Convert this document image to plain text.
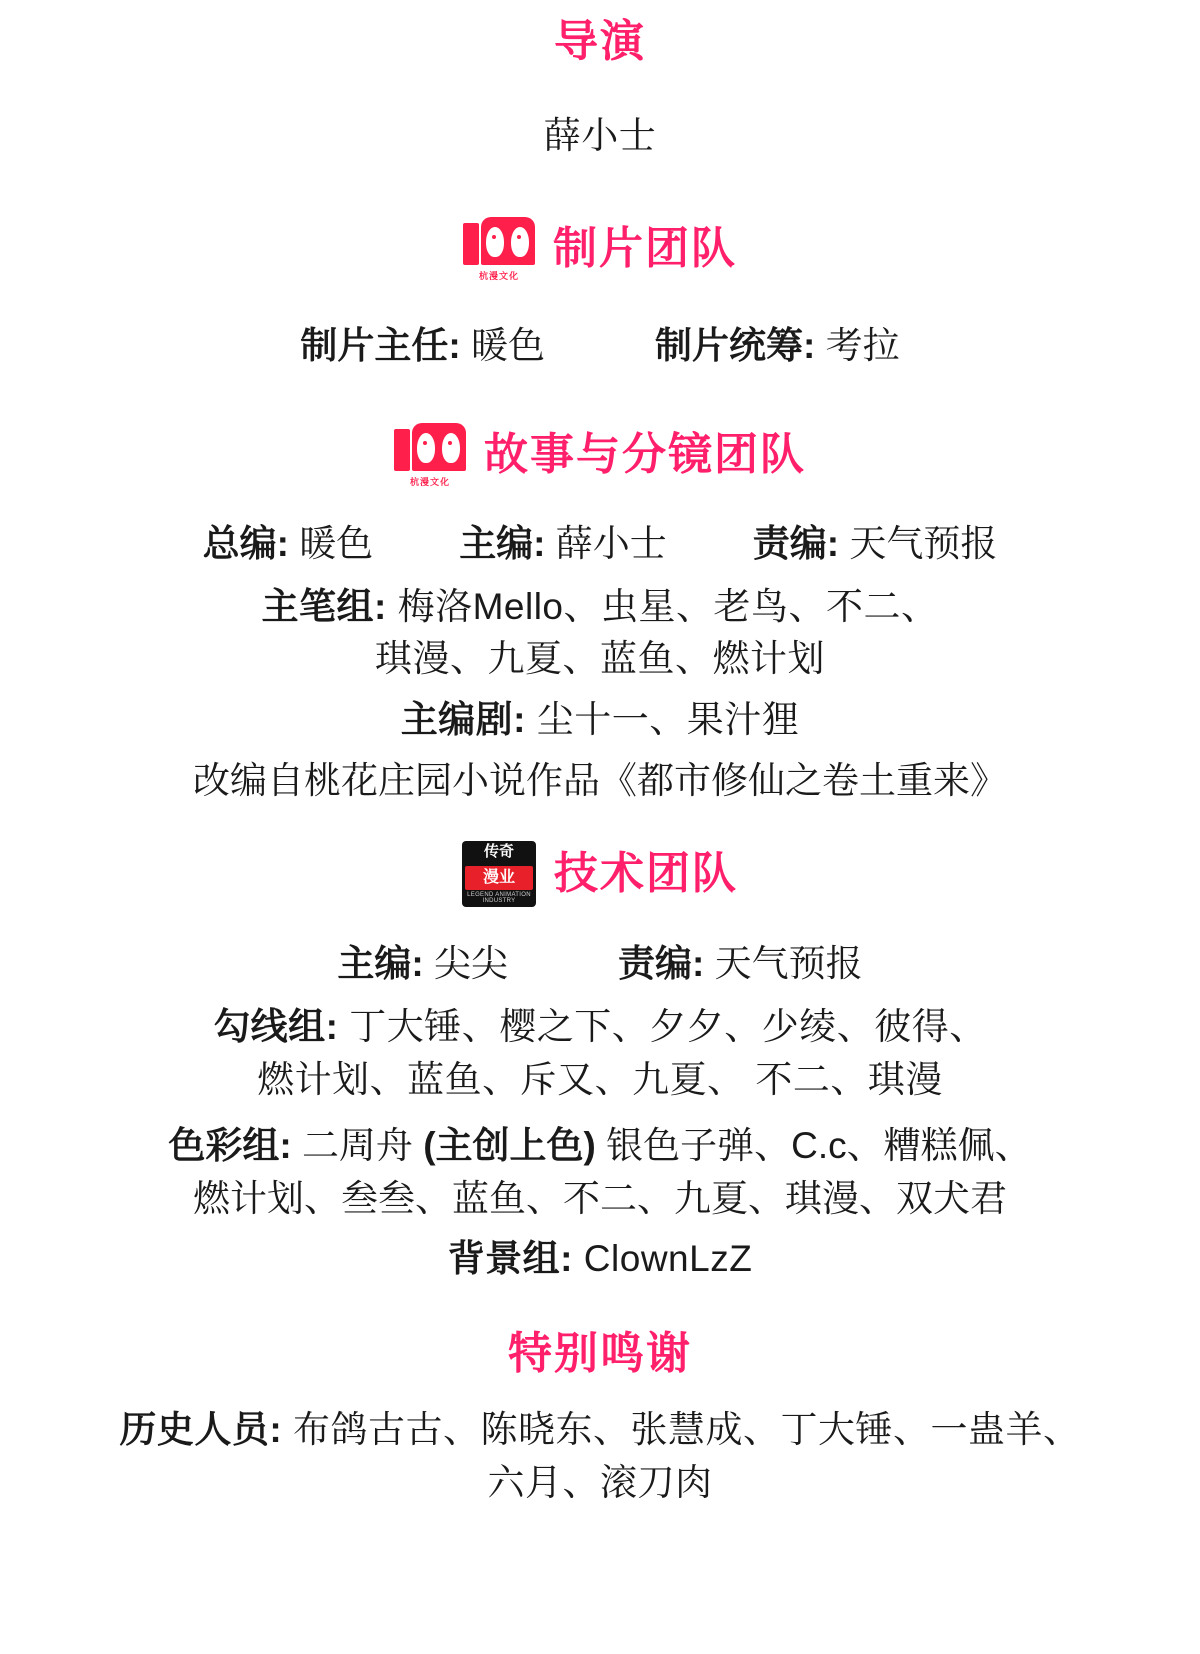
导演
薛小士
杭漫文化
制片团队
制片主任: 暖色	制片统筹: 考拉
杭漫文化
故事与分镜团队
总编: 暖色 主编: 薛小士 责编: 天气预报
主笔组: 梅洛Mello、虫星、老鸟、不二、
琪漫、九夏、蓝鱼、燃计划
主编剧: 尘十一、果汁狸
改编自桃花庄园小说作品《都市修仙之卷土重来》
传奇
漫业
LEGEND ANIMATION INDUSTRY
技术团队
主编: 尖尖	责编: 天气预报
勾线组: 丁大锤、樱之下、夕夕、少绫、彼得、
燃计划、蓝鱼、斥又、九夏、 不二、琪漫
色彩组: 二周舟 (主创上色) 银色子弹、C.c、糟糕佩、
燃计划、叁叁、蓝鱼、不二、九夏、琪漫、双犬君
背景组: ClownLzZ
特别鸣谢
历史人员: 布鸽古古、陈晓东、张慧成、丁大锤、一蛊羊、
六月、滚刀肉
